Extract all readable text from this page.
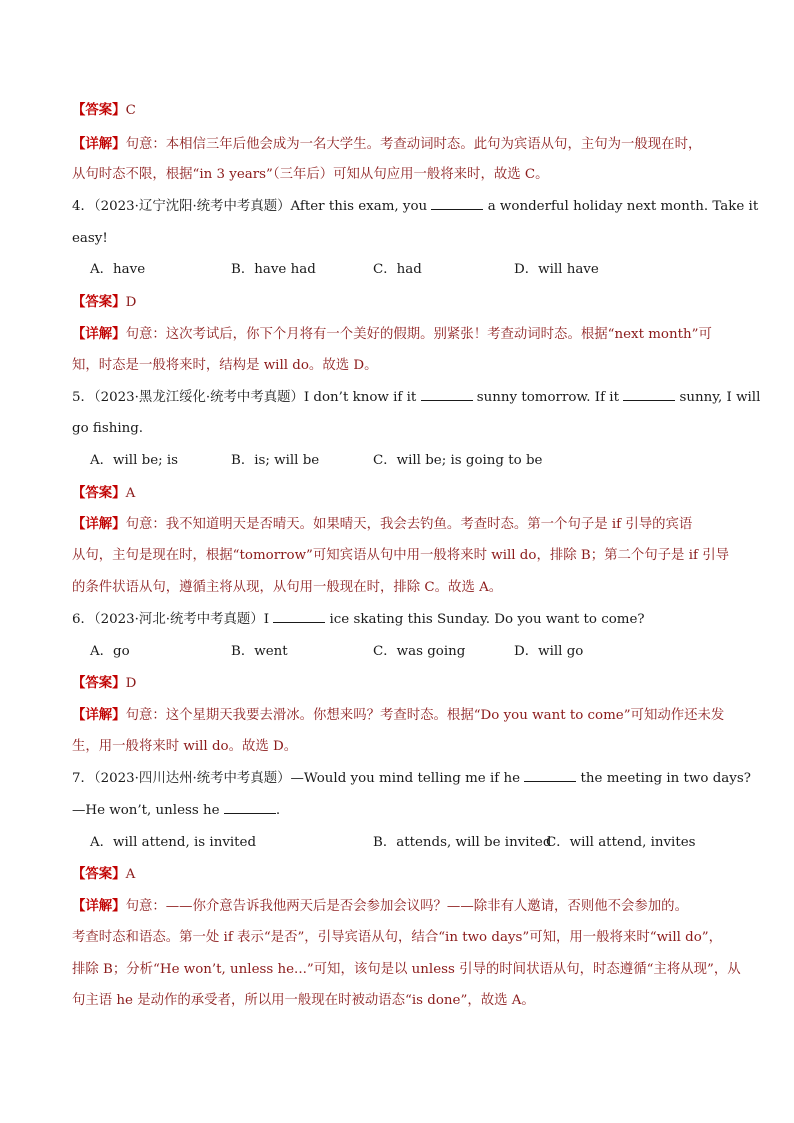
【答案】C
【详解】句意：本相信三年后他会成为一名大学生。考查动词时态。此句为宾语从句，主句为一般现在时，
从句时态不限，根据“in 3 years”（三年后）可知从句应用一般将来时，故选 C。
4．（2023·辽宁沈阳·统考中考真题）After this exam, you	a wonderful holiday next month. Take it
easy!
A．have	B．have had	C．had	D．will have
【答案】D
【详解】句意：这次考试后，你下个月将有一个美好的假期。别紧张！考查动词时态。根据“next month”可
知，时态是一般将来时，结构是 will do。故选 D。
5．（2023·黑龙江绥化·统考中考真题）I don’t know if it	sunny tomorrow. If it	sunny, I will
go fishing.
A．will be; is	B．is; will be	C．will be; is going to be
【答案】A
【详解】句意：我不知道明天是否晴天。如果晴天，我会去钓鱼。考查时态。第一个句子是 if 引导的宾语
从句，主句是现在时，根据“tomorrow”可知宾语从句中用一般将来时 will do，排除 B；第二个句子是 if 引导
的条件状语从句，遵循主将从现，从句用一般现在时，排除 C。故选 A。
6．（2023·河北·统考中考真题）I	ice skating this Sunday. Do you want to come?
A．go	B．went	C．was going	D．will go
【答案】D
【详解】句意：这个星期天我要去滑冰。你想来吗？考查时态。根据“Do you want to come”可知动作还未发
生，用一般将来时 will do。故选 D。
7．（2023·四川达州·统考中考真题）—Would you mind telling me if he	the meeting in two days?
—He won’t, unless he	.
A．will attend, is invited	B．attends, will be invited
C．will attend, invites
【答案】A
【详解】句意：——你介意告诉我他两天后是否会参加会议吗？——除非有人邀请，否则他不会参加的。
考查时态和语态。第一处 if 表示“是否”，引导宾语从句，结合“in two days”可知，用一般将来时“will do”，
排除 B；分析“He won’t, unless he...”可知，该句是以 unless 引导的时间状语从句，时态遵循“主将从现”，从
句主语 he 是动作的承受者，所以用一般现在时被动语态“is done”，故选 A。
